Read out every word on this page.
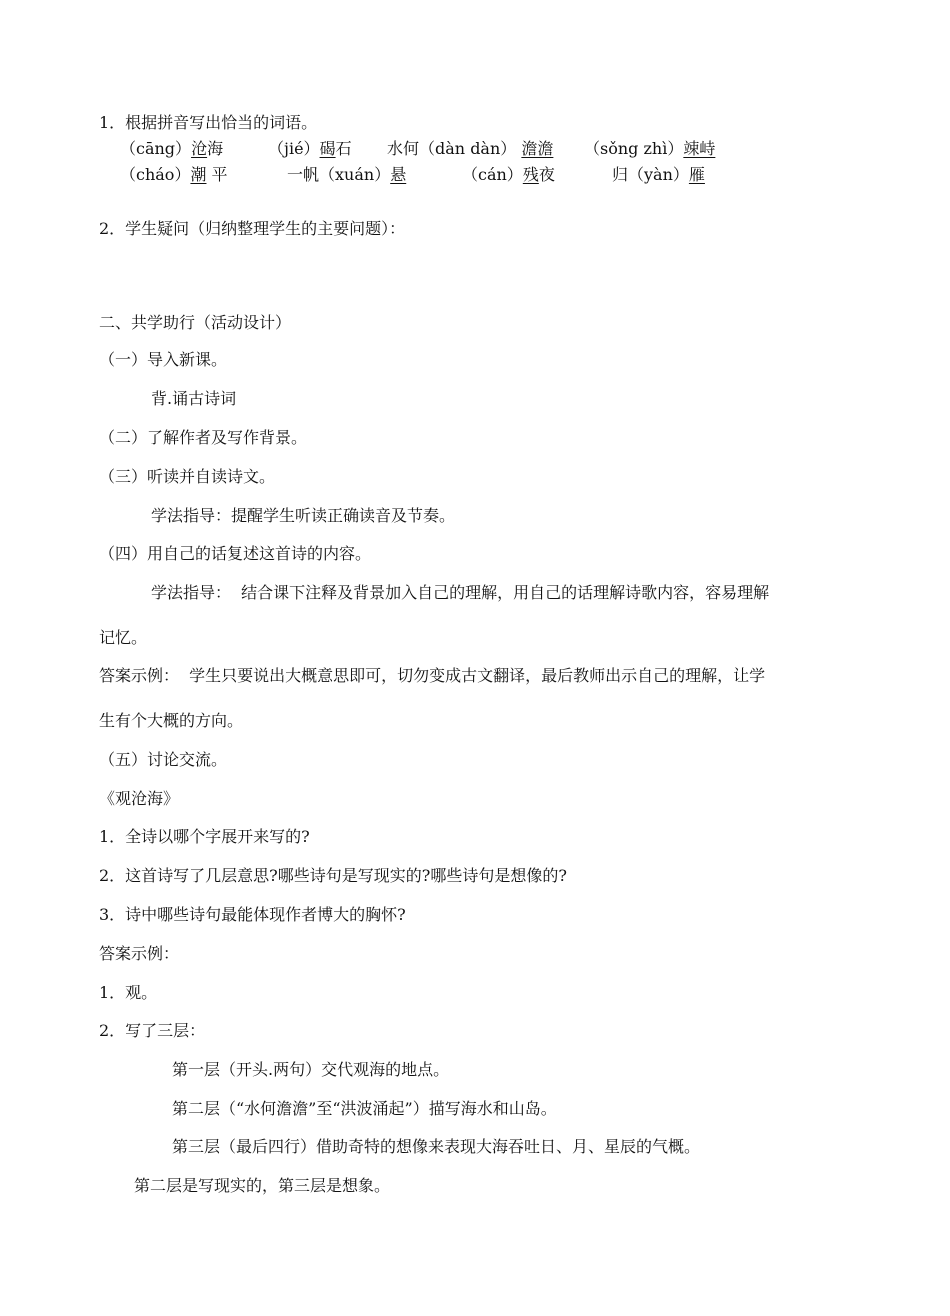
1．根据拼音写出恰当的词语。
（cāng）沧海	（jié）碣石 水何（dàn dàn） 澹澹 （sǒng zhì）竦峙
（cháo）潮 平	一帆（xuán）悬	（cán）残夜	归（yàn）雁
2．学生疑问（归纳整理学生的主要问题）：
二、共学助行（活动设计）
（一）导入新课。
背.诵古诗词
（二）了解作者及写作背景。
（三）听读并自读诗文。
学法指导：提醒学生听读正确读音及节奏。
（四）用自己的话复述这首诗的内容。
学法指导：  结合课下注释及背景加入自己的理解，用自己的话理解诗歌内容，容易理解
记忆。
答案示例：  学生只要说出大概意思即可，切勿变成古文翻译，最后教师出示自己的理解，让学
生有个大概的方向。
（五）讨论交流。
《观沧海》
1．全诗以哪个字展开来写的?
2．这首诗写了几层意思?哪些诗句是写现实的?哪些诗句是想像的?
3．诗中哪些诗句最能体现作者博大的胸怀?
答案示例：
1．观。
2．写了三层：
第一层（开头.两句）交代观海的地点。
第二层（“水何澹澹”至“洪波涌起”）描写海水和山岛。
第三层（最后四行）借助奇特的想像来表现大海吞吐日、月、星辰的气概。
第二层是写现实的，第三层是想象。
